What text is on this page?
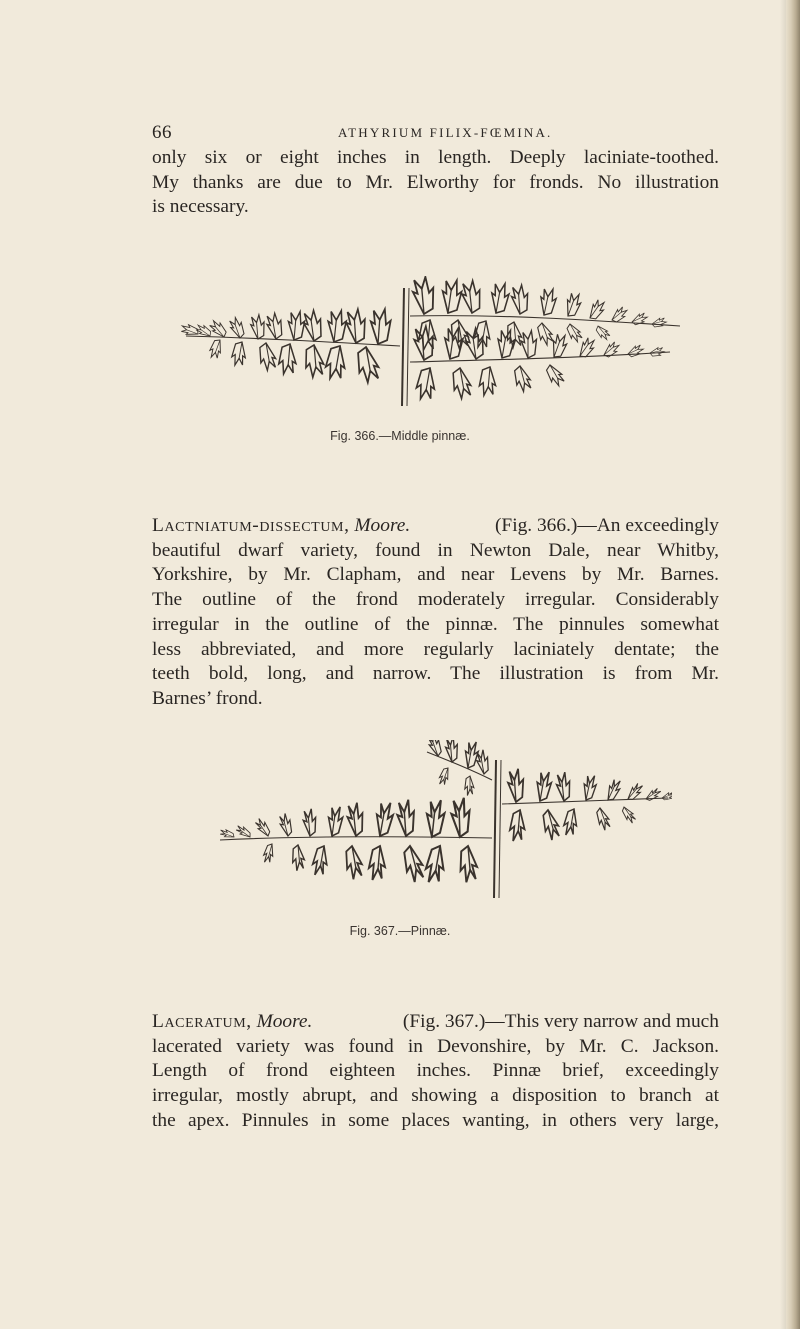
66	ATHYRIUM FILIX-FŒMINA.

only six or eight inches in length. Deeply laciniate-toothed.
My thanks are due to Mr. Elworthy for fronds. No illustration
is necessary.

Fig. 366.—Middle pinnæ.

Lactniatum-dissectum, Moore.	(Fig. 366.)—An exceedingly
beautiful dwarf variety, found in Newton Dale, near Whitby,
Yorkshire, by Mr. Clapham, and near Levens by Mr. Barnes.
The outline of the frond moderately irregular. Considerably
irregular in the outline of the pinnæ. The pinnules somewhat
less abbreviated, and more regularly laciniately dentate; the
teeth bold, long, and narrow. The illustration is from Mr.
Barnes’ frond.

Fig. 367.—Pinnæ.

Laceratum, Moore.	(Fig. 367.)—This very narrow and much
lacerated variety was found in Devonshire, by Mr. C. Jackson.
Length of frond eighteen inches. Pinnæ brief, exceedingly
irregular, mostly abrupt, and showing a disposition to branch at
the apex. Pinnules in some places wanting, in others very large,
